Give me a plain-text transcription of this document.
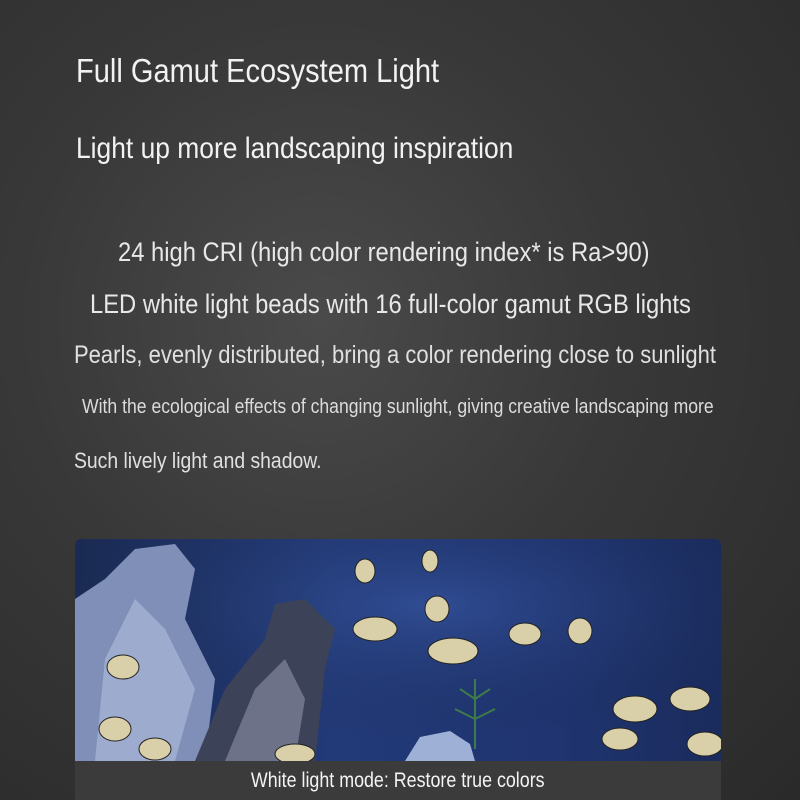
Full Gamut Ecosystem Light
Light up more landscaping inspiration
24 high CRI (high color rendering index* is Ra>90)
LED white light beads with 16 full-color gamut RGB lights
Pearls, evenly distributed, bring a color rendering close to sunlight
With the ecological effects of changing sunlight, giving creative landscaping more
Such lively light and shadow.
White light mode: Restore true colors
